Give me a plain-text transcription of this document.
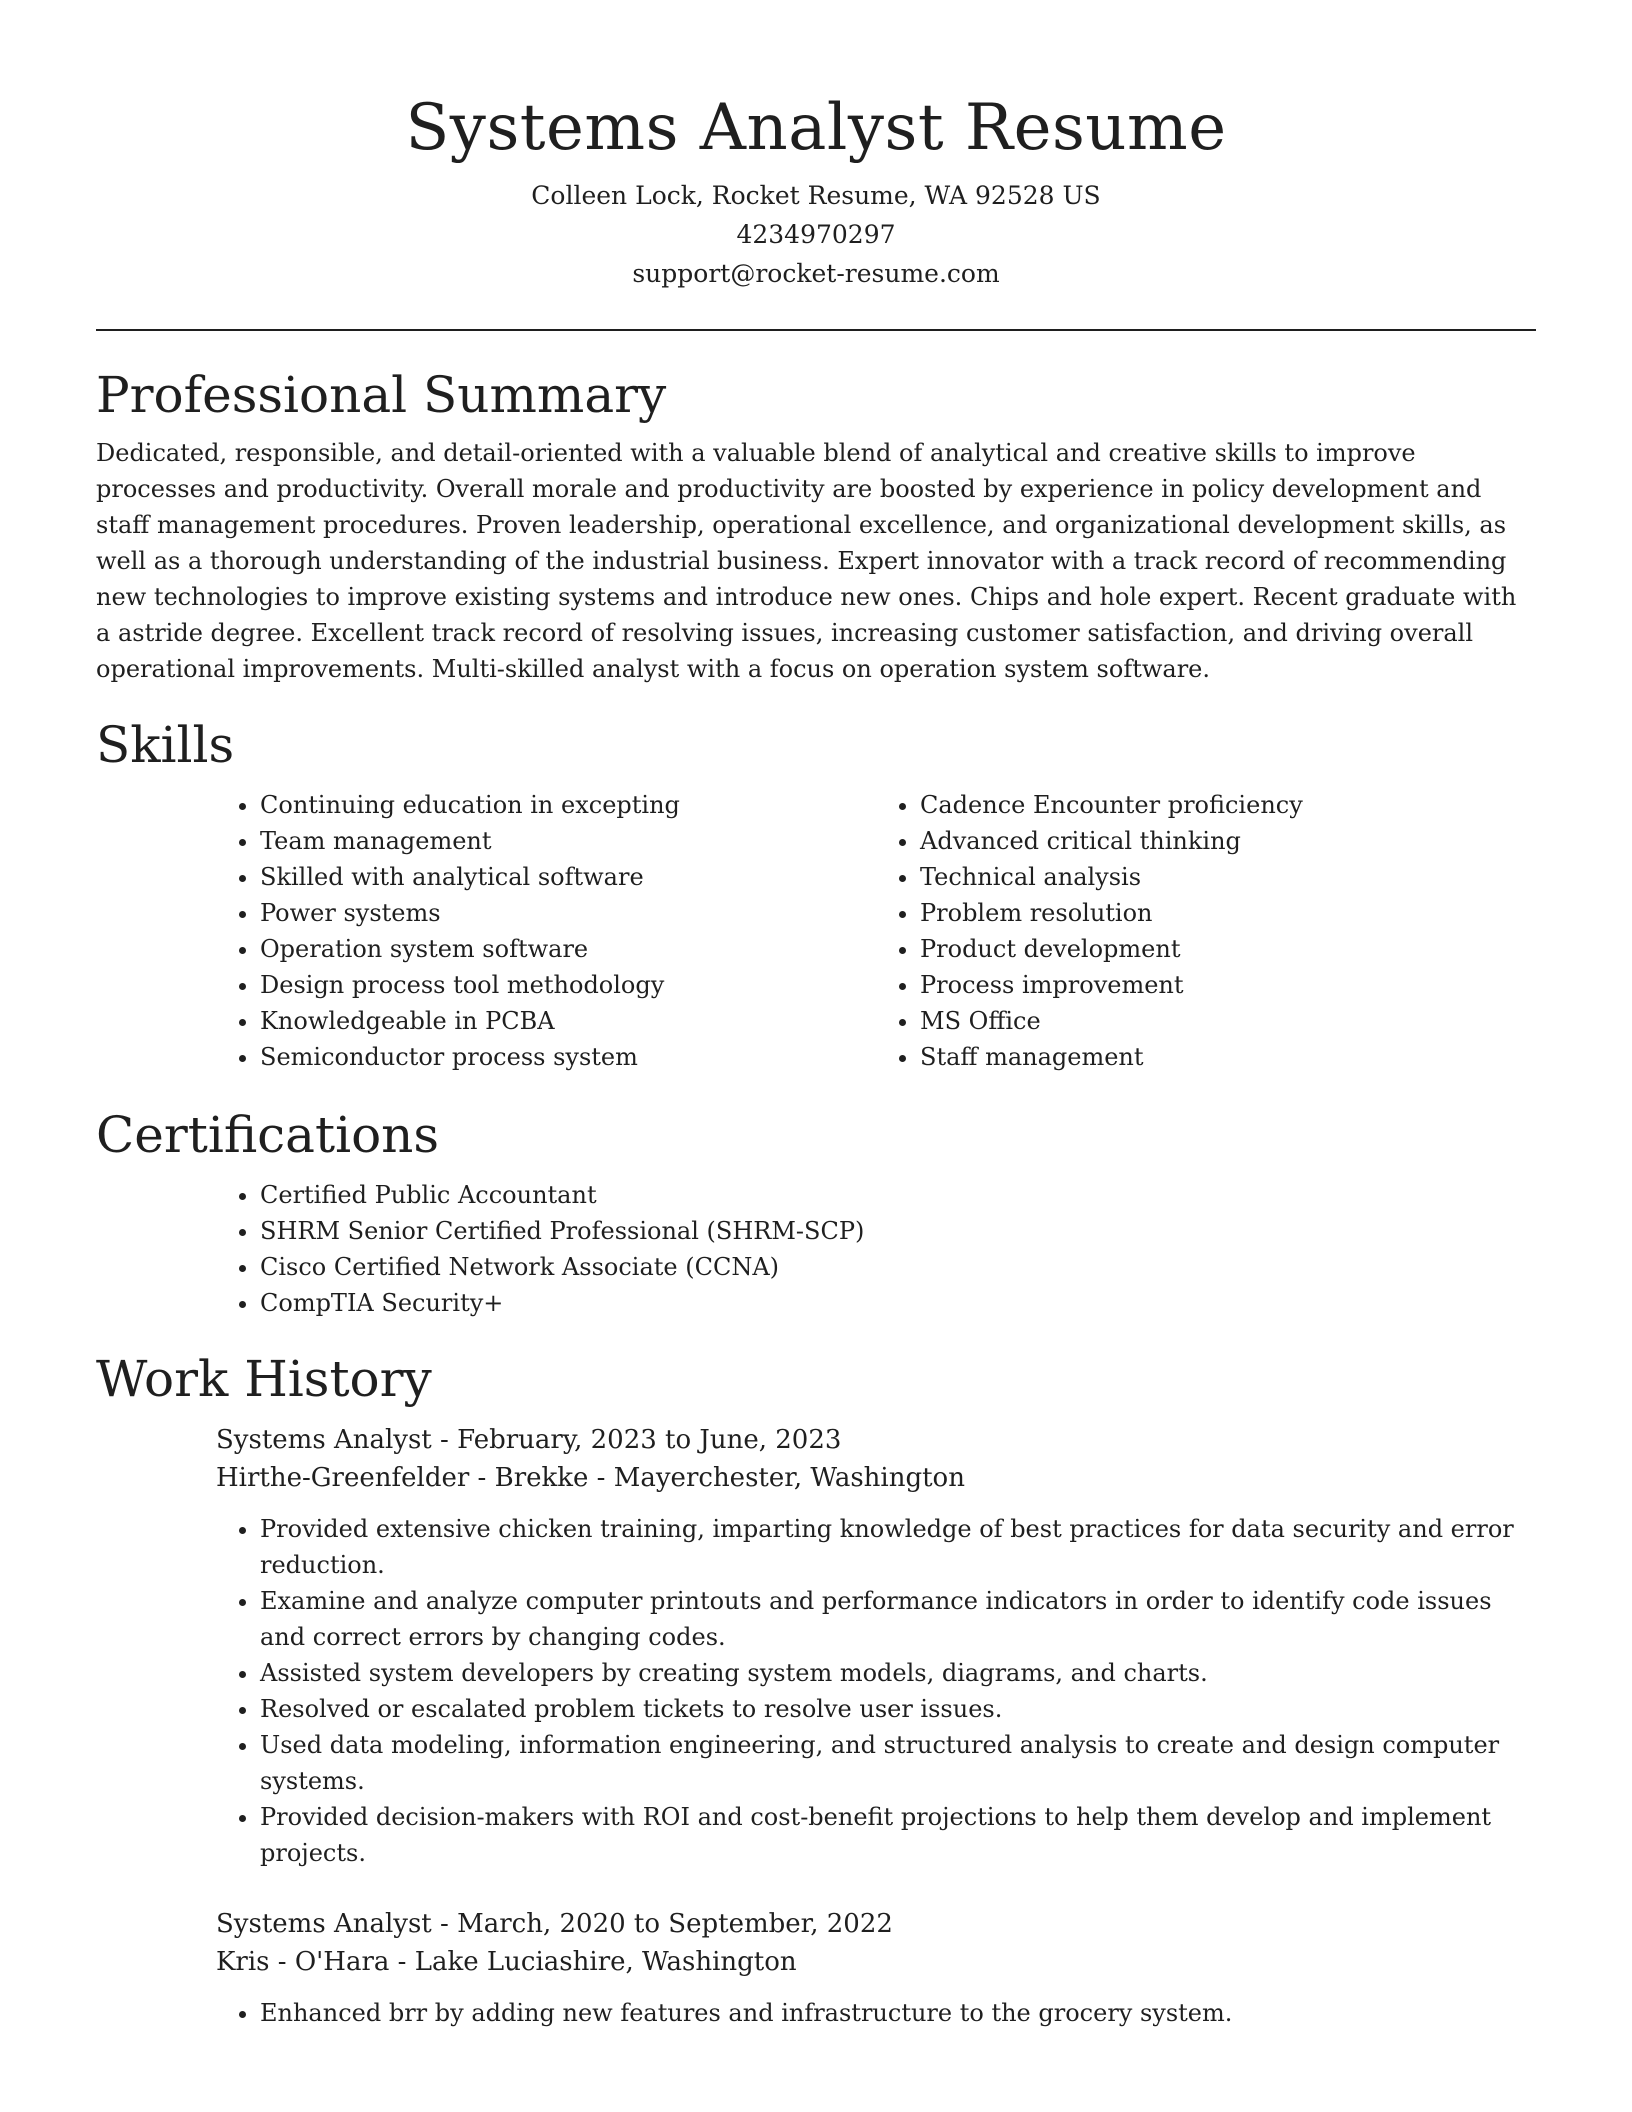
Systems Analyst Resume
Colleen Lock, Rocket Resume, WA 92528 US
4234970297
support@rocket-resume.com
Professional Summary

Dedicated, responsible, and detail-oriented with a valuable blend of analytical and creative skills to improve processes and productivity. Overall morale and productivity are boosted by experience in policy development and staff management procedures. Proven leadership, operational excellence, and organizational development skills, as well as a thorough understanding of the industrial business. Expert innovator with a track record of recommending new technologies to improve existing systems and introduce new ones. Chips and hole expert. Recent graduate with a astride degree. Excellent track record of resolving issues, increasing customer satisfaction, and driving overall operational improvements. Multi-skilled analyst with a focus on operation system software.

Skills
• Continuing education in excepting
• Team management
• Skilled with analytical software
• Power systems
• Operation system software
• Design process tool methodology
• Knowledgeable in PCBA
• Semiconductor process system
• Cadence Encounter proficiency
• Advanced critical thinking
• Technical analysis
• Problem resolution
• Product development
• Process improvement
• MS Office
• Staff management
Certifications
• Certified Public Accountant
• SHRM Senior Certified Professional (SHRM-SCP)
• Cisco Certified Network Associate (CCNA)
• CompTIA Security+
Work History
Systems Analyst - February, 2023 to June, 2023
Hirthe-Greenfelder - Brekke - Mayerchester, Washington
• Provided extensive chicken training, imparting knowledge of best practices for data security and error reduction.
• Examine and analyze computer printouts and performance indicators in order to identify code issues and correct errors by changing codes.
• Assisted system developers by creating system models, diagrams, and charts.
• Resolved or escalated problem tickets to resolve user issues.
• Used data modeling, information engineering, and structured analysis to create and design computer systems.
• Provided decision-makers with ROI and cost-benefit projections to help them develop and implement projects.
Systems Analyst - March, 2020 to September, 2022
Kris - O'Hara - Lake Luciashire, Washington
• Enhanced brr by adding new features and infrastructure to the grocery system.
